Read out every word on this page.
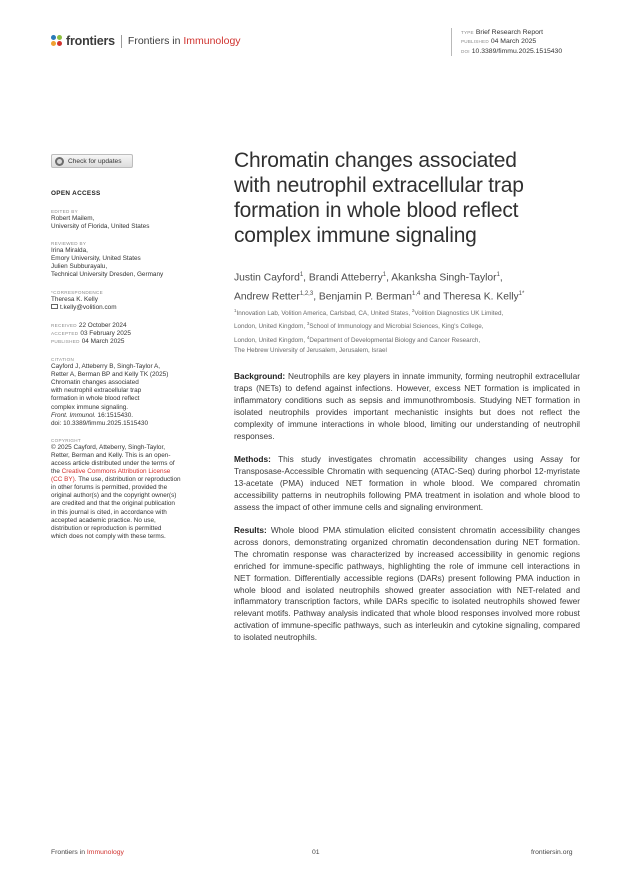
frontiers Frontiers in Immunology
TYPE Brief Research Report
PUBLISHED 04 March 2025
DOI 10.3389/fimmu.2025.1515430
Check for updates
OPEN ACCESS
EDITED BY
Robert Mailem,
University of Florida, United States
REVIEWED BY
Irina Miralda,
Emory University, United States
Julien Subburayalu,
Technical University Dresden, Germany
*CORRESPONDENCE
Theresa K. Kelly
t.kelly@volition.com
RECEIVED 22 October 2024
ACCEPTED 03 February 2025
PUBLISHED 04 March 2025
CITATION
Cayford J, Atteberry B, Singh-Taylor A,
Retter A, Berman BP and Kelly TK (2025)
Chromatin changes associated
with neutrophil extracellular trap
formation in whole blood reflect
complex immune signaling.
Front. Immunol. 16:1515430.
doi: 10.3389/fimmu.2025.1515430
COPYRIGHT
© 2025 Cayford, Atteberry, Singh-Taylor,
Retter, Berman and Kelly. This is an open-
access article distributed under the terms of
the Creative Commons Attribution License
(CC BY). The use, distribution or reproduction
in other forums is permitted, provided the
original author(s) and the copyright owner(s)
are credited and that the original publication
in this journal is cited, in accordance with
accepted academic practice. No use,
distribution or reproduction is permitted
which does not comply with these terms.
Chromatin changes associated
with neutrophil extracellular trap
formation in whole blood reflect
complex immune signaling
Justin Cayford$^1$, Brandi Atteberry$^1$, Akanksha Singh-Taylor$^1$,
Andrew Retter$^{1,2,3}$, Benjamin P. Berman$^{1,4}$ and Theresa K. Kelly$^{1*}$
$^1$Innovation Lab, Volition America, Carlsbad, CA, United States, $^2$Volition Diagnostics UK Limited,
London, United Kingdom, $^3$School of Immunology and Microbial Sciences, King's College,
London, United Kingdom, $^4$Department of Developmental Biology and Cancer Research,
The Hebrew University of Jerusalem, Jerusalem, Israel

Background: Neutrophils are key players in innate immunity, forming neutrophil extracellular traps (NETs) to defend against infections. However, excess NET formation is implicated in inflammatory conditions such as sepsis and immunothrombosis. Studying NET formation in isolated neutrophils provides important mechanistic insights but does not reflect the complexity of immune interactions in whole blood, limiting our understanding of neutrophil responses.

Methods: This study investigates chromatin accessibility changes using Assay for Transposase-Accessible Chromatin with sequencing (ATAC-Seq) during phorbol 12-myristate 13-acetate (PMA) induced NET formation in whole blood. We compared chromatin accessibility patterns in neutrophils following PMA treatment in isolation and whole blood to assess the impact of other immune cells and signaling environment.

Results: Whole blood PMA stimulation elicited consistent chromatin accessibility changes across donors, demonstrating organized chromatin decondensation during NET formation. The chromatin response was characterized by increased accessibility in genomic regions enriched for immune-specific pathways, highlighting the role of immune cell interactions in NET formation. Differentially accessible regions (DARs) present following PMA induction in whole blood and isolated neutrophils showed greater association with NET-related and inflammatory transcription factors, while DARs specific to isolated neutrophils showed fewer relevant motifs. Pathway analysis indicated that whole blood responses involved more robust activation of immune-specific pathways, such as interleukin and cytokine signaling, compared to isolated neutrophils.

Frontiers in Immunology	01	frontiersin.org
